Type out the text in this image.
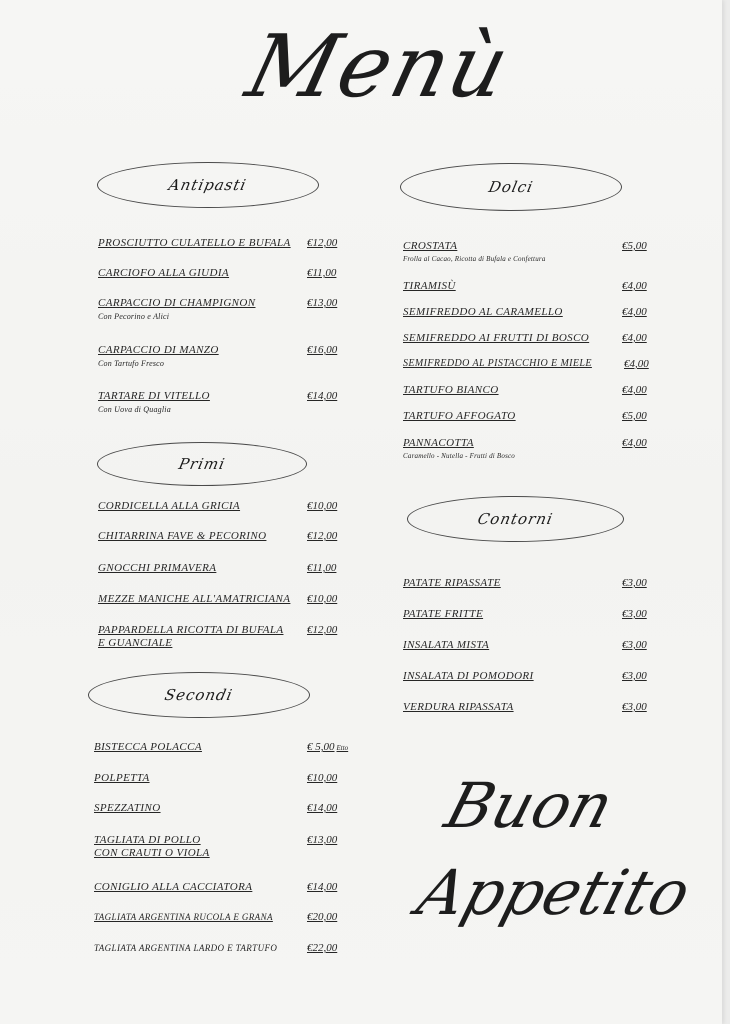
Menù
Antipasti
PROSCIUTTO CULATELLO E BUFALA €12,00
CARCIOFO ALLA GIUDIA	€11,00
CARPACCIO DI CHAMPIGNON
Con Pecorino e Alici
€13,00
CARPACCIO DI MANZO
Con Tartufo Fresco
€16,00
TARTARE DI VITELLO
Con Uova di Quaglia
€14,00
Primi
CORDICELLA ALLA GRICIA	€10,00
CHITARRINA FAVE & PECORINO	€12,00
GNOCCHI PRIMAVERA	€11,00
MEZZE MANICHE ALL'AMATRICIANA €10,00
PAPPARDELLA RICOTTA DI BUFALA
E GUANCIALE
€12,00
Secondi
BISTECCA POLACCA	€ 5,00 Etto
POLPETTA	€10,00
SPEZZATINO	€14,00
TAGLIATA DI POLLO
CON CRAUTI O VIOLA
€13,00
CONIGLIO ALLA CACCIATORA	€14,00
TAGLIATA ARGENTINA RUCOLA E GRANA	€20,00
TAGLIATA ARGENTINA LARDO E TARTUFO	€22,00
Dolci
CROSTATA
Frolla al Cacao, Ricotta di Bufala e Confettura
€5,00
TIRAMISÙ	€4,00
SEMIFREDDO AL CARAMELLO	€4,00
SEMIFREDDO AI FRUTTI DI BOSCO	€4,00
SEMIFREDDO AL PISTACCHIO E MIELE	€4,00
TARTUFO BIANCO	€4,00
TARTUFO AFFOGATO	€5,00
PANNACOTTA
Caramello - Nutella - Frutti di Bosco
€4,00
Contorni
PATATE RIPASSATE	€3,00
PATATE FRITTE	€3,00
INSALATA MISTA	€3,00
INSALATA DI POMODORI	€3,00
VERDURA RIPASSATA	€3,00
Buon
Appetito
